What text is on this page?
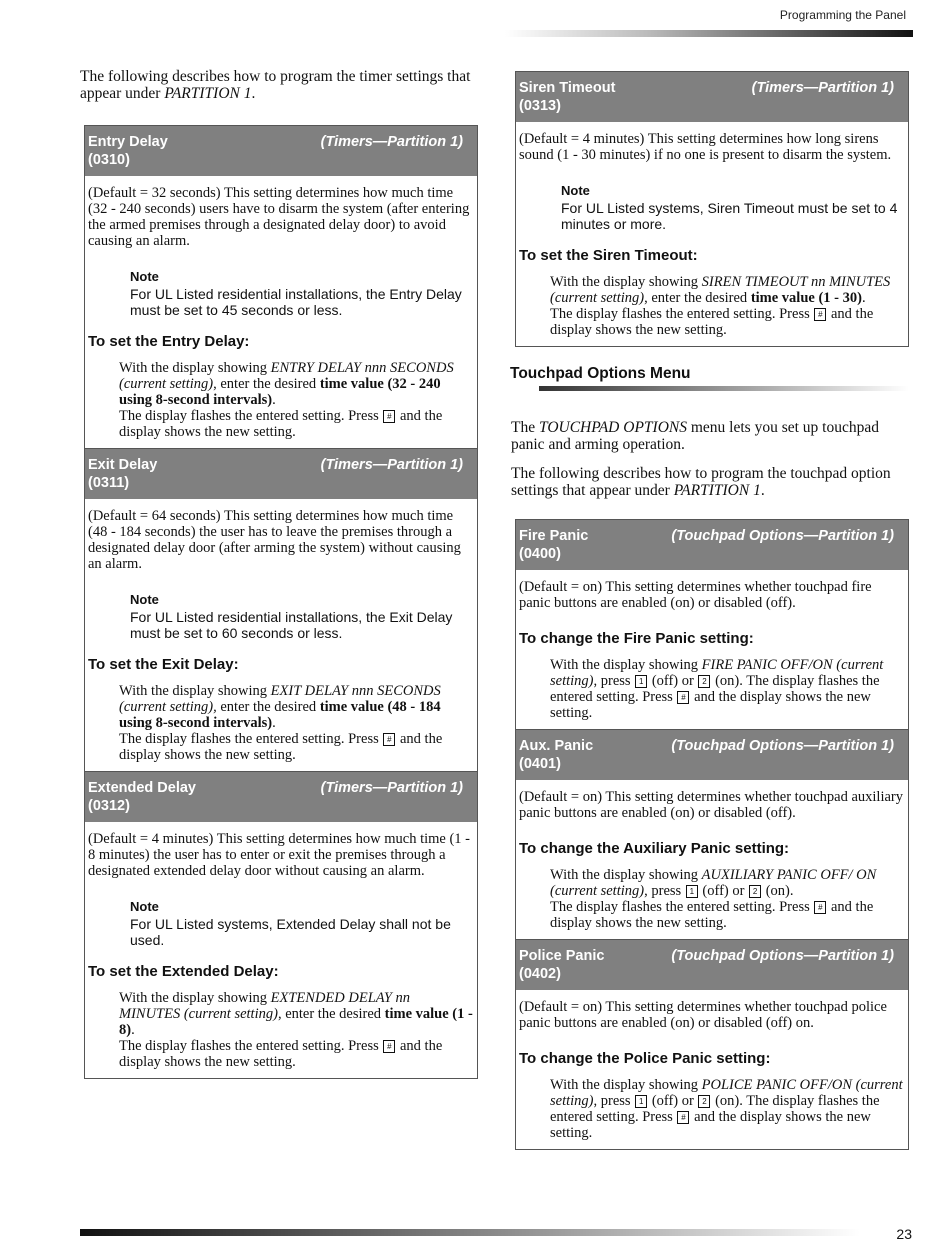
Programming the Panel

The following describes how to program the timer settings that appear under PARTITION 1.

Entry Delay
(0310)
(Timers—Partition 1)

(Default = 32 seconds) This setting determines how much time (32 - 240 seconds) users have to disarm the system (after entering the armed premises through a designated delay door) to avoid causing an alarm.

Note
For UL Listed residential installations, the Entry Delay must be set to 45 seconds or less.
To set the Entry Delay:
With the display showing ENTRY DELAY nnn SECONDS (current setting), enter the desired time value (32 - 240 using 8-second intervals).
The display flashes the entered setting. Press # and the display shows the new setting.
Exit Delay
(0311)
(Timers—Partition 1)

(Default = 64 seconds) This setting determines how much time (48 - 184 seconds) the user has to leave the premises through a designated delay door (after arming the system) without causing an alarm.

Note
For UL Listed residential installations, the Exit Delay must be set to 60 seconds or less.
To set the Exit Delay:
With the display showing EXIT DELAY nnn SECONDS (current setting), enter the desired time value (48 - 184 using 8-second intervals).
The display flashes the entered setting. Press # and the display shows the new setting.
Extended Delay
(0312)
(Timers—Partition 1)

(Default = 4 minutes) This setting determines how much time (1 - 8 minutes) the user has to enter or exit the premises through a designated extended delay door without causing an alarm.

Note
For UL Listed systems, Extended Delay shall not be used.
To set the Extended Delay:
With the display showing EXTENDED DELAY nn MINUTES (current setting), enter the desired time value (1 - 8).
The display flashes the entered setting. Press # and the display shows the new setting.
Siren Timeout
(0313)
(Timers—Partition 1)

(Default = 4 minutes) This setting determines how long sirens sound (1 - 30 minutes) if no one is present to disarm the system.

Note
For UL Listed systems, Siren Timeout must be set to 4 minutes or more.
To set the Siren Timeout:
With the display showing SIREN TIMEOUT nn MINUTES (current setting), enter the desired time value (1 - 30).
The display flashes the entered setting. Press # and the display shows the new setting.
Touchpad Options Menu

The TOUCHPAD OPTIONS menu lets you set up touchpad panic and arming operation.

The following describes how to program the touchpad option settings that appear under PARTITION 1.

Fire Panic
(0400)
(Touchpad Options—Partition 1)

(Default = on) This setting determines whether touchpad fire panic buttons are enabled (on) or disabled (off).

To change the Fire Panic setting:
With the display showing FIRE PANIC OFF/ON (current setting), press 1 (off) or 2 (on). The display flashes the entered setting. Press # and the display shows the new setting.
Aux. Panic
(0401)
(Touchpad Options—Partition 1)

(Default = on) This setting determines whether touchpad auxiliary panic buttons are enabled (on) or disabled (off).

To change the Auxiliary Panic setting:
With the display showing AUXILIARY PANIC OFF/ ON (current setting), press 1 (off) or 2 (on).
The display flashes the entered setting. Press # and the display shows the new setting.
Police Panic
(0402)
(Touchpad Options—Partition 1)

(Default = on) This setting determines whether touchpad police panic buttons are enabled (on) or disabled (off) on.

To change the Police Panic setting:
With the display showing POLICE PANIC OFF/ON (current setting), press 1 (off) or 2 (on). The display flashes the entered setting. Press # and the display shows the new setting.
23
